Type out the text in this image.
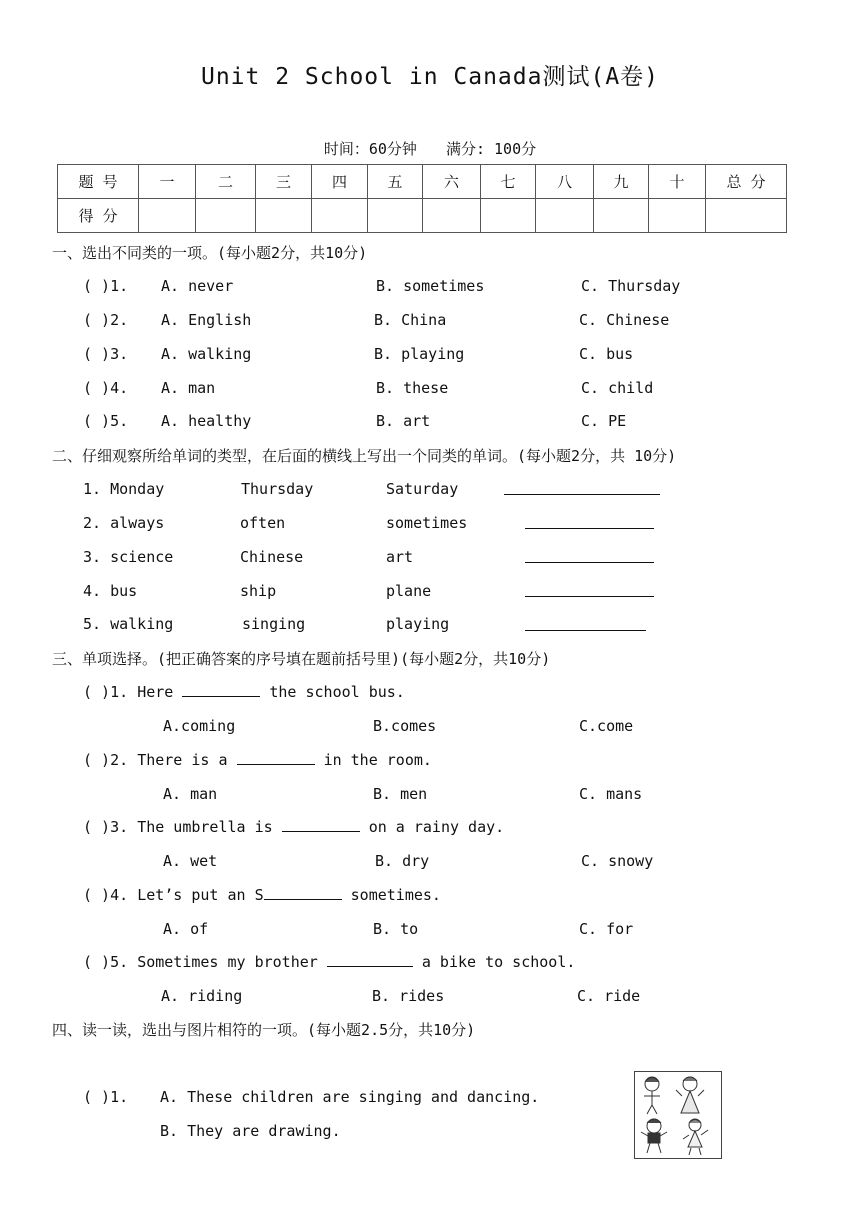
Unit 2 School in Canada测试(A卷)
时间：60分钟 满分: 100分
题 号	一	二	三	四	五	六	七	八	九	十	总 分
得 分											
一、选出不同类的一项。(每小题2分，共10分)
( )1. A. never	B. sometimes	C. Thursday
( )2. A. English	B. China	C. Chinese
( )3. A. walking	B. playing	C. bus
( )4. A. man	B. these	C. child
( )5. A. healthy	B. art	C. PE
二、仔细观察所给单词的类型，在后面的横线上写出一个同类的单词。(每小题2分，共 10分)
1. Monday	Thursday	Saturday
2. always	often	sometimes
3. science	Chinese	art
4. bus	ship	plane
5. walking	singing	playing
三、单项选择。(把正确答案的序号填在题前括号里)(每小题2分，共10分)
( )1. Here	the school bus.
A.coming	B.comes	C.come
( )2. There is a	in the room.
A. man	B. men	C. mans
( )3. The umbrella is	on a rainy day.
A. wet	B. dry	C. snowy
( )4. Let’s put an S	sometimes.
A. of	B. to	C. for
( )5. Sometimes my brother	a bike to school.
A. riding	B. rides	C. ride
四、读一读，选出与图片相符的一项。(每小题2.5分，共10分)
( )1. A. These children are singing and dancing.
B. They are drawing.
